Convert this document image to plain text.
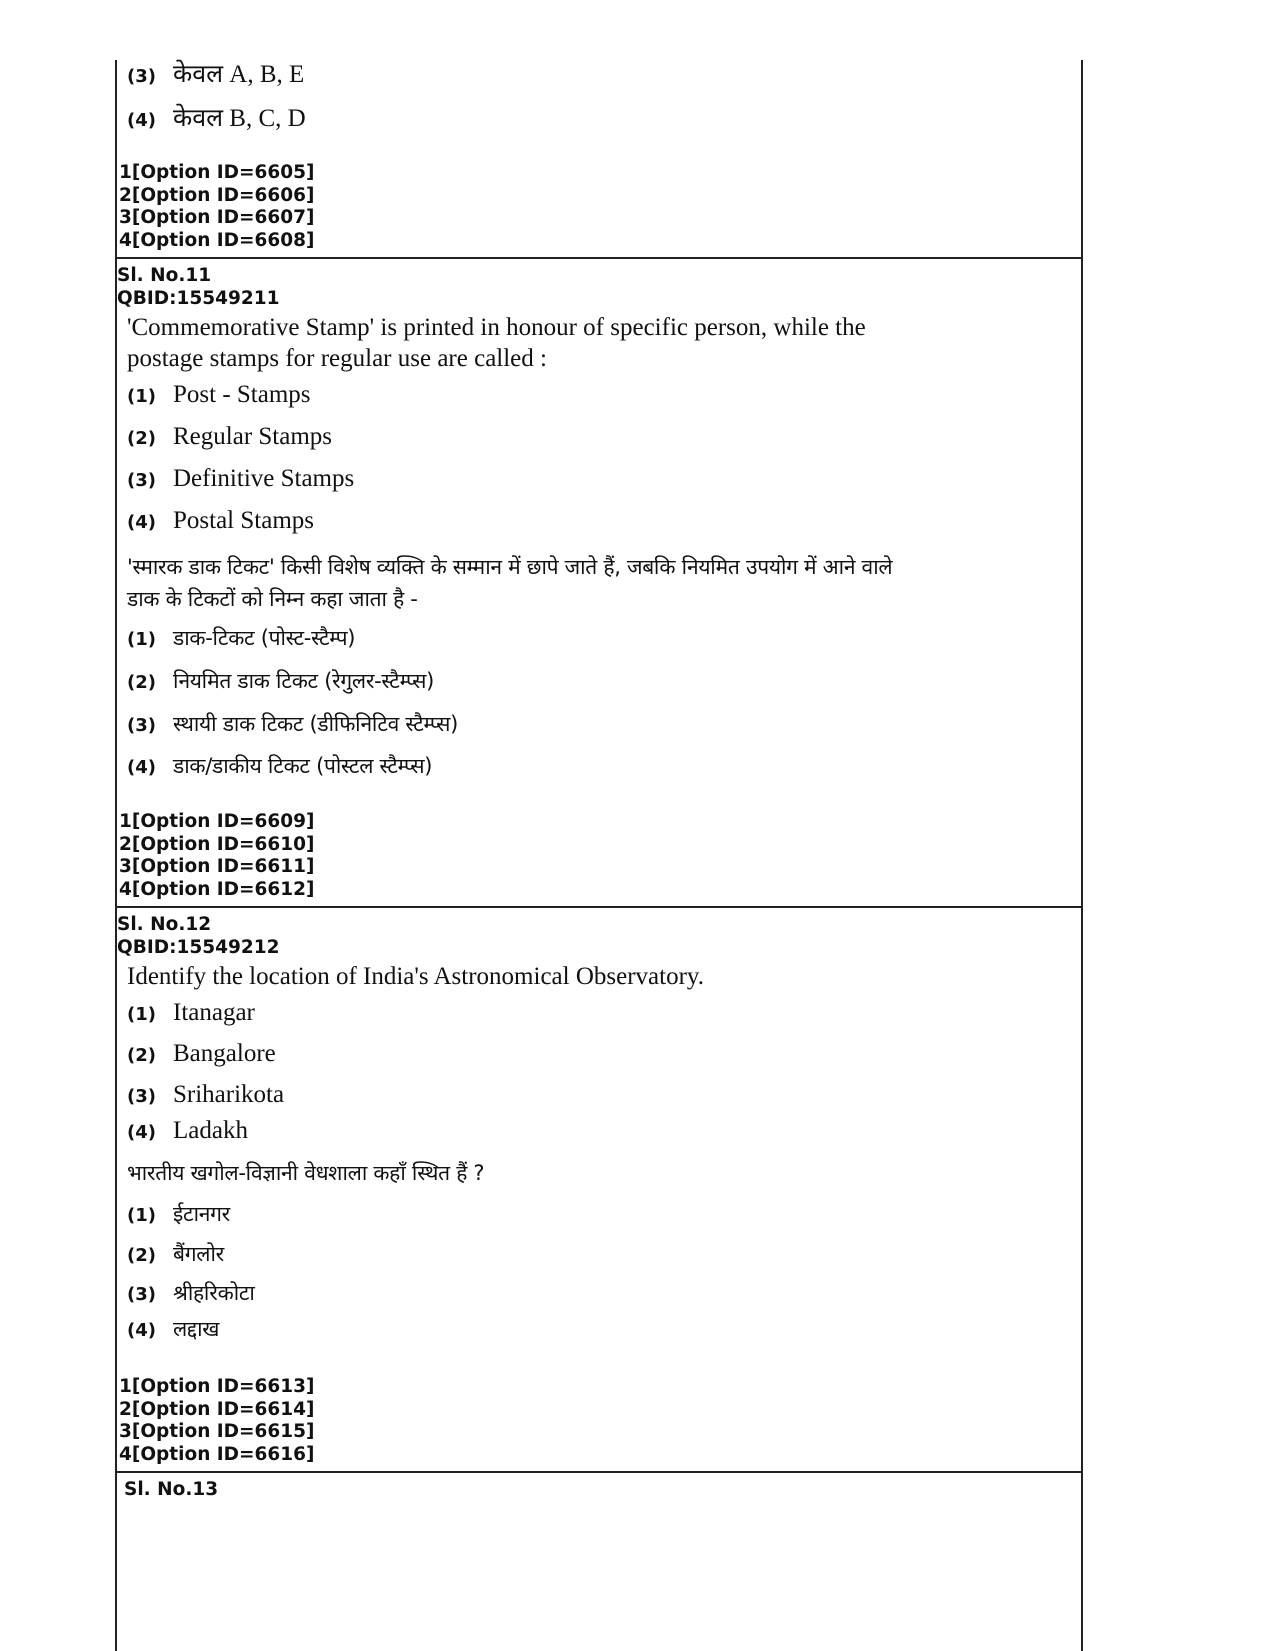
(3) केवल A, B, E
(4) केवल B, C, D

1[Option ID=6605]

2[Option ID=6606]

3[Option ID=6607]

4[Option ID=6608]

Sl. No.11

QBID:15549211

'Commemorative Stamp' is printed in honour of specific person, while the

postage stamps for regular use are called :

(1) Post - Stamps
(2) Regular Stamps
(3) Definitive Stamps
(4) Postal Stamps

'स्मारक डाक टिकट' किसी विशेष व्यक्ति के सम्मान में छापे जाते हैं, जबकि नियमित उपयोग में आने वाले

डाक के टिकटों को निम्न कहा जाता है -

(1) डाक-टिकट (पोस्ट-स्टैम्प)
(2) नियमित डाक टिकट (रेगुलर-स्टैम्प्स)
(3) स्थायी डाक टिकट (डीफिनिटिव स्टैम्प्स)
(4) डाक/डाकीय टिकट (पोस्टल स्टैम्प्स)

1[Option ID=6609]

2[Option ID=6610]

3[Option ID=6611]

4[Option ID=6612]

Sl. No.12

QBID:15549212

Identify the location of India's Astronomical Observatory.

(1) Itanagar
(2) Bangalore
(3) Sriharikota
(4) Ladakh

भारतीय खगोल-विज्ञानी वेधशाला कहाँ स्थित हैं ?

(1) ईटानगर
(2) बैंगलोर
(3) श्रीहरिकोटा
(4) लद्दाख

1[Option ID=6613]

2[Option ID=6614]

3[Option ID=6615]

4[Option ID=6616]

Sl. No.13
